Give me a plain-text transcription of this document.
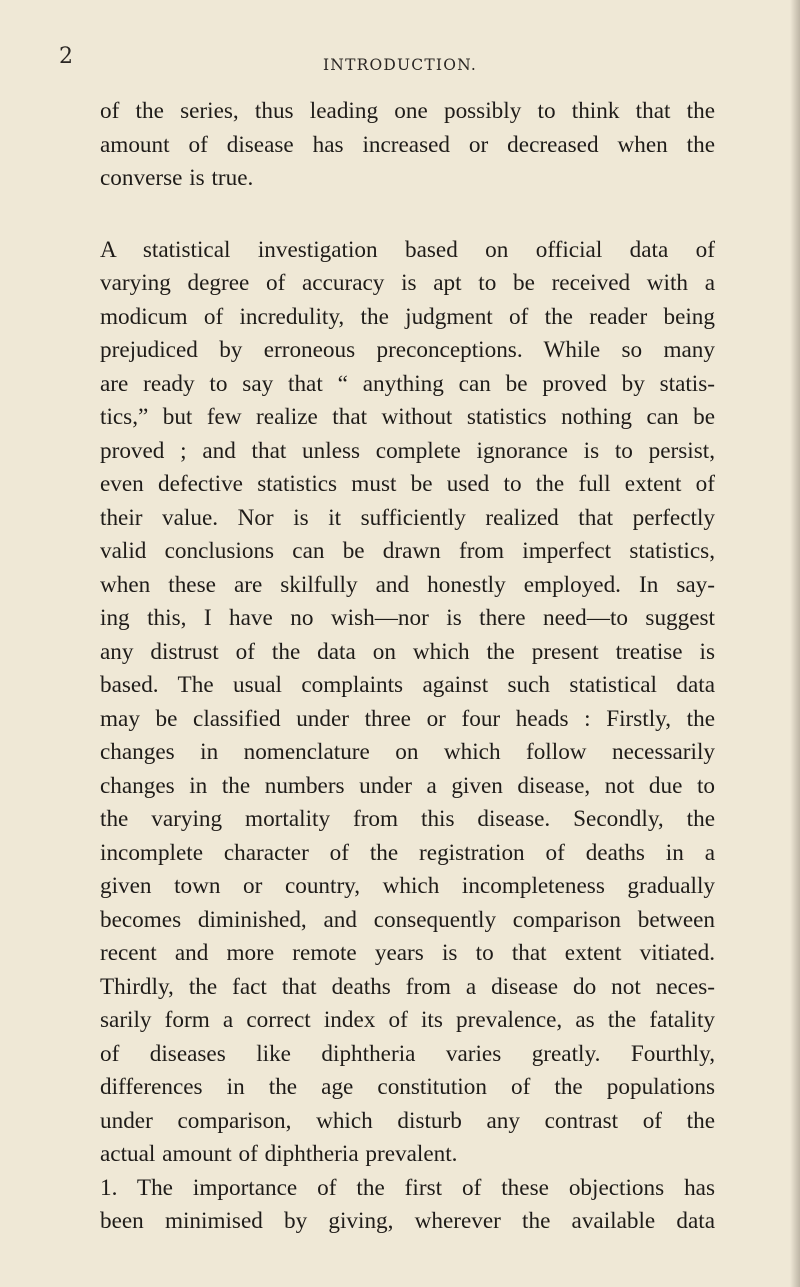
2	INTRODUCTION.
of the series, thus leading one possibly to think that the
amount of disease has increased or decreased when the
converse is true.
A statistical investigation based on official data of
varying degree of accuracy is apt to be received with a
modicum of incredulity, the judgment of the reader being
prejudiced by erroneous preconceptions. While so many
are ready to say that “ anything can be proved by statis-
tics,” but few realize that without statistics nothing can be
proved ; and that unless complete ignorance is to persist,
even defective statistics must be used to the full extent of
their value. Nor is it sufficiently realized that perfectly
valid conclusions can be drawn from imperfect statistics,
when these are skilfully and honestly employed. In say-
ing this, I have no wish—nor is there need—to suggest
any distrust of the data on which the present treatise is
based. The usual complaints against such statistical data
may be classified under three or four heads : Firstly, the
changes in nomenclature on which follow necessarily
changes in the numbers under a given disease, not due to
the varying mortality from this disease. Secondly, the
incomplete character of the registration of deaths in a
given town or country, which incompleteness gradually
becomes diminished, and consequently comparison between
recent and more remote years is to that extent vitiated.
Thirdly, the fact that deaths from a disease do not neces-
sarily form a correct index of its prevalence, as the fatality
of diseases like diphtheria varies greatly. Fourthly,
differences in the age constitution of the populations
under comparison, which disturb any contrast of the
actual amount of diphtheria prevalent.
1. The importance of the first of these objections has
been minimised by giving, wherever the available data
